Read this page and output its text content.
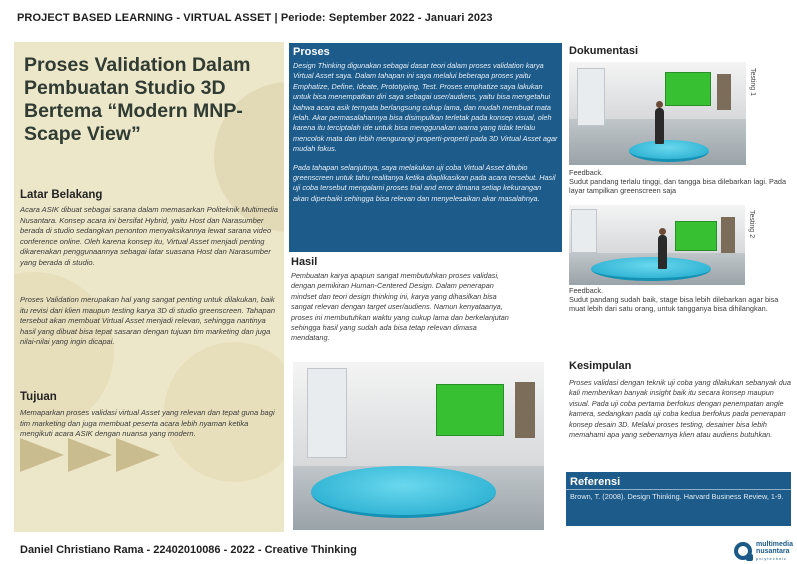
PROJECT BASED LEARNING - VIRTUAL ASSET | Periode: September 2022 - Januari 2023
Proses Validation Dalam Pembuatan Studio 3D Bertema “Modern MNP-Scape View”
Latar Belakang
Acara ASIK dibuat sebagai sarana dalam memasarkan Politeknik Multimedia Nusantara. Konsep acara ini bersifat Hybrid, yaitu Host dan Narasumber berada di studio sedangkan penonton menyaksikannya lewat sarana video conference online. Oleh karena konsep itu, Virtual Asset menjadi penting dikarenakan penggunaannya sebagai latar suasana Host dan Narasumber yang berada di studio.
Proses Validation merupakan hal yang sangat penting untuk dilakukan, baik itu revisi dari klien maupun testing karya 3D di studio greenscreen. Tahapan tersebut akan membuat Virtual Asset menjadi relevan, sehingga nantinya hasil yang dibuat bisa tepat sasaran dengan tujuan tim marketing dan juga nilai-nilai yang ingin dicapai.
Tujuan
Memaparkan proses validasi virtual Asset yang relevan dan tepat guna bagi tim marketing dan juga membuat peserta acara lebih nyaman ketika mengikuti acara ASIK dengan nuansa yang modern.
Proses
Design Thinking digunakan sebagai dasar teori dalam proses validation karya Virtual Asset saya. Dalam tahapan ini saya melalui beberapa proses yaitu Emphatize, Define, Ideate, Prototyping, Test. Proses emphatize saya lakukan untuk bisa menempatkan diri saya sebagai user/audiens, yaitu bisa mengetahui bahwa acara asik ternyata berlangsung cukup lama, dan mudah membuat mata lelah. Akar permasalahannya bisa disimpulkan terletak pada konsep visual, oleh karena itu terciptalah ide untuk bisa menggunakan warna yang tidak terlalu mencolok mata dan lebih mengurangi properti-properti pada 3D Virtual Asset agar mudah fokus.
Pada tahapan selanjutnya, saya melakukan uji coba Virtual Asset ditubio greenscreen untuk tahu realitanya ketika diaplikasikan pada acara tersebut. Hasil uji coba tersebut mengalami proses trial and error dimana setiap kekurangan akan diperbaiki sehingga bisa relevan dan menyelesaikan akar masalahnya.
Hasil
Pembuatan karya apapun sangat membutuhkan proses validasi, dengan pemikiran Human-Centered Design. Dalam penerapan mindset dan teori design thinking ini, karya yang dihasilkan bisa sangat relevan dengan target user/audiens. Namun kenyataanya, proses ini membutuhkan waktu yang cukup lama dan berkelanjutan sehingga hasil yang sudah ada bisa tetap relevan dimasa mendatang.
Dokumentasi
Testing 1
Feedback.
Sudut pandang terlalu tinggi, dan tangga bisa dilebarkan lagi. Pada layar tampilkan greenscreen saja
Testing 2
Feedback.
Sudut pandang sudah baik, stage bisa lebih dilebarkan agar bisa muat lebih dari satu orang, untuk tangganya bisa dihilangkan.
Kesimpulan
Proses validasi dengan teknik uji coba yang dilakukan sebanyak dua kali memberikan banyak insight baik itu secara konsep maupun visual. Pada uji coba pertama berfokus dengan penempatan angle kamera, sedangkan pada uji coba kedua berfokus pada penerapan konsep desain 3D. Melalui proses testing, desainer bisa lebih memahami apa yang sebenarnya klien atau audiens butuhkan.
Referensi
Brown, T. (2008). Design Thinking. Harvard Business Review, 1-9.
Daniel Christiano Rama - 22402010086 - 2022 - Creative Thinking	multimedia
nusantara
polytechnic
